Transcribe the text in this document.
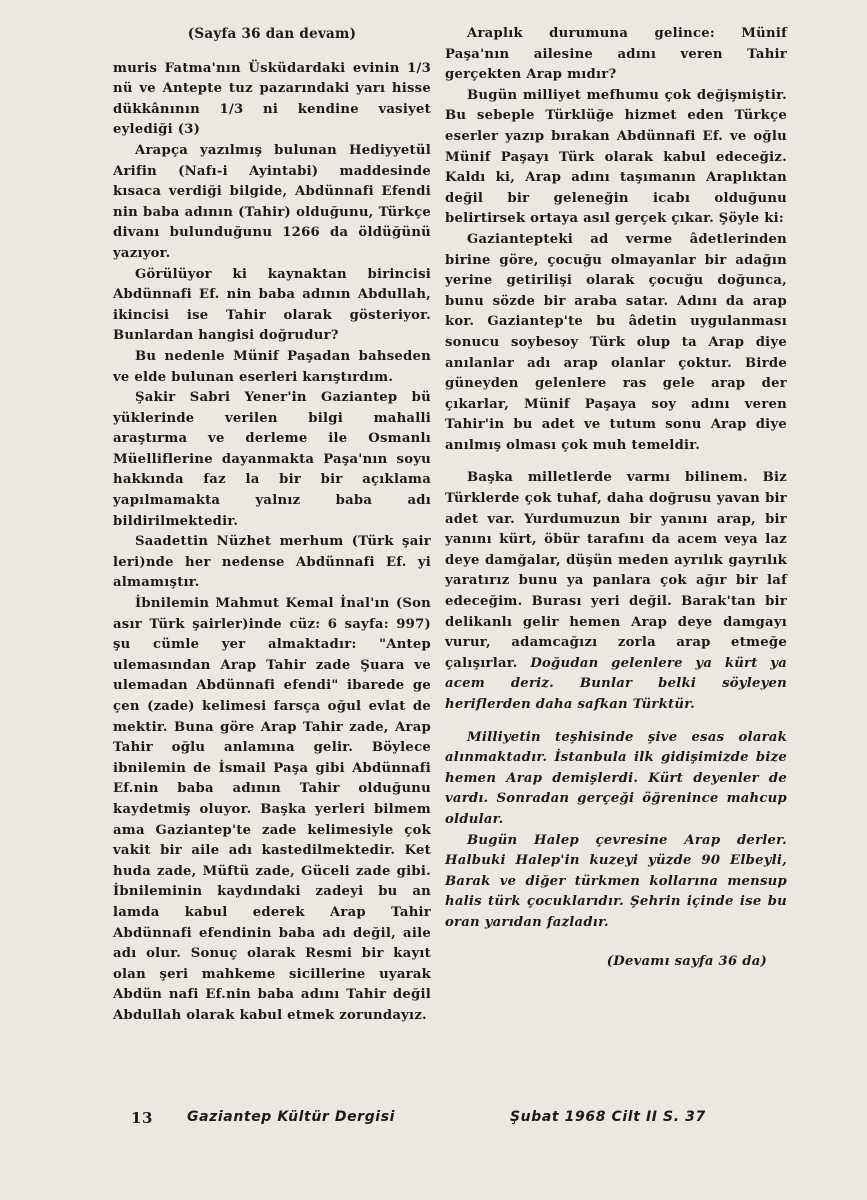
(Sayfa 36 dan devam)

muris Fatma'nın Üsküdardaki evinin 1/3 nü ve Antepte tuz pazarındaki yarı hisse dükkânının 1/3 ni kendine vasiyet eylediği (3)

Arapça yazılmış bulunan Hediyyetül Arifin (Nafı-i Ayintabi) maddesinde kısaca verdiği bilgide, Abdünnafi Efendi nin baba adının (Tahir) olduğunu, Türkçe divanı bulunduğunu 1266 da öldüğünü yazıyor.

Görülüyor ki kaynaktan birincisi Abdünnafi Ef. nin baba adının Abdullah, ikincisi ise Tahir olarak gösteriyor. Bunlardan hangisi doğrudur?

Bu nedenle Münif Paşadan bahseden ve elde bulunan eserleri karıştırdım.

Şakir Sabri Yener'in Gaziantep bü yüklerinde verilen bilgi mahalli araştırma ve derleme ile Osmanlı Müelliflerine dayanmakta Paşa'nın soyu hakkında faz la bir bir açıklama yapılmamakta yalnız baba adı bildirilmektedir.

Saadettin Nüzhet merhum (Türk şair leri)nde her nedense Abdünnafi Ef. yi almamıştır.

İbnilemin Mahmut Kemal İnal'ın (Son asır Türk şairler)inde cüz: 6 sayfa: 997) şu cümle yer almaktadır: "Antep ulemasından Arap Tahir zade Şuara ve ulemadan Abdünnafi efendi" ibarede ge çen (zade) kelimesi farsça oğul evlat de mektir. Buna göre Arap Tahir zade, Arap Tahir oğlu anlamına gelir. Böylece ibnilemin de İsmail Paşa gibi Abdünnafi Ef.nin baba adının Tahir olduğunu kaydetmiş oluyor. Başka yerleri bilmem ama Gaziantep'te zade kelimesiyle çok vakit bir aile adı kastedilmektedir. Ket huda zade, Müftü zade, Güceli zade gibi. İbnileminin kaydındaki zadeyi bu an lamda kabul ederek Arap Tahir Abdünnafi efendinin baba adı değil, aile adı olur. Sonuç olarak Resmi bir kayıt olan şeri mahkeme sicillerine uyarak Abdün nafi Ef.nin baba adını Tahir değil Abdullah olarak kabul etmek zorundayız.

Araplık durumuna gelince: Münif Paşa'nın ailesine adını veren Tahir gerçekten Arap mıdır?

Bugün milliyet mefhumu çok değişmiştir. Bu sebeple Türklüğe hizmet eden Türkçe eserler yazıp bırakan Abdünnafi Ef. ve oğlu Münif Paşayı Türk olarak kabul edeceğiz. Kaldı ki, Arap adını taşımanın Araplıktan değil bir geleneğin icabı olduğunu belirtirsek ortaya asıl gerçek çıkar. Şöyle ki:

Gaziantepteki ad verme âdetlerinden birine göre, çocuğu olmayanlar bir adağın yerine getirilişi olarak çocuğu doğunca, bunu sözde bir araba satar. Adını da arap kor. Gaziantep'te bu âdetin uygulanması sonucu soybesoy Türk olup ta Arap diye anılanlar adı arap olanlar çoktur. Birde güneyden gelenlere ras gele arap der çıkarlar, Münif Paşaya soy adını veren Tahir'in bu adet ve tutum sonu Arap diye anılmış olması çok muh temeldir.

Başka milletlerde varmı bilinem. Biz Türklerde çok tuhaf, daha doğrusu yavan bir adet var. Yurdumuzun bir yanını arap, bir yanını kürt, öbür tarafını da acem veya laz deye damğalar, düşün meden ayrılık gayrılık yaratırız bunu ya panlara çok ağır bir laf edeceğim. Burası yeri değil. Barak'tan bir delikanlı gelir hemen Arap deye damgayı vurur, adamcağızı zorla arap etmeğe çalışırlar. Doğudan gelenlere ya kürt ya acem deriz. Bunlar belki söyleyen heriflerden daha safkan Türktür.

Milliyetin teşhisinde şive esas olarak alınmaktadır. İstanbula ilk gidişimizde bize hemen Arap demişlerdi. Kürt deyenler de vardı. Sonradan gerçeği öğrenince mahcup oldular.

Bugün Halep çevresine Arap derler. Halbuki Halep'in kuzeyi yüzde 90 Elbeyli, Barak ve diğer türkmen kollarına mensup halis türk çocuklarıdır. Şehrin içinde ise bu oran yarıdan fazladır.

(Devamı sayfa 36 da)
13 Gaziantep Kültür Dergisi	Şubat 1968 Cilt II S. 37
